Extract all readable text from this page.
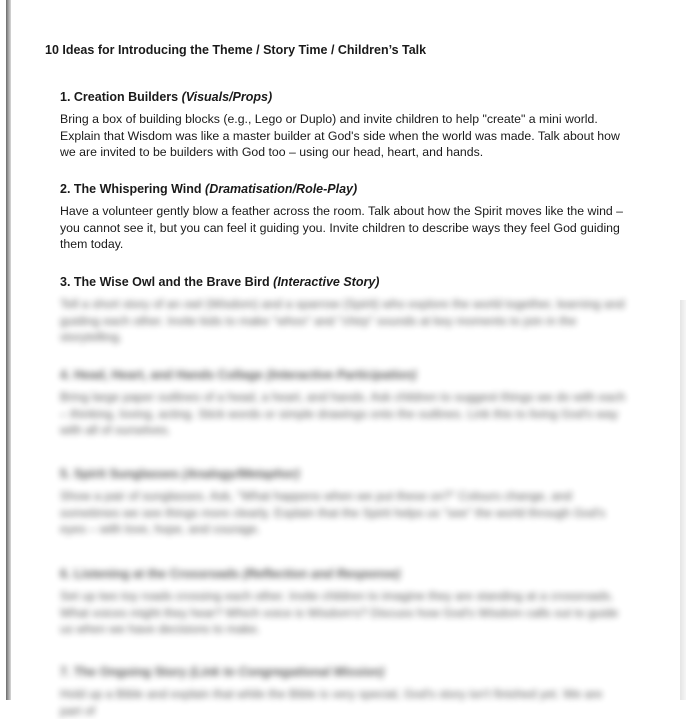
10 Ideas for Introducing the Theme / Story Time / Children’s Talk
1. Creation Builders (Visuals/Props)

Bring a box of building blocks (e.g., Lego or Duplo) and invite children to help "create" a mini world. Explain that Wisdom was like a master builder at God's side when the world was made. Talk about how we are invited to be builders with God too – using our head, heart, and hands.

2. The Whispering Wind (Dramatisation/Role-Play)

Have a volunteer gently blow a feather across the room. Talk about how the Spirit moves like the wind – you cannot see it, but you can feel it guiding you. Invite children to describe ways they feel God guiding them today.

3. The Wise Owl and the Brave Bird (Interactive Story)

Tell a short story of an owl (Wisdom) and a sparrow (Spirit) who explore the world together, learning and guiding each other. Invite kids to make "whoo" and "chirp" sounds at key moments to join in the storytelling.

4. Head, Heart, and Hands Collage (Interactive Participation)

Bring large paper outlines of a head, a heart, and hands. Ask children to suggest things we do with each – thinking, loving, acting. Stick words or simple drawings onto the outlines. Link this to living God's way with all of ourselves.

5. Spirit Sunglasses (Analogy/Metaphor)

Show a pair of sunglasses. Ask, "What happens when we put these on?" Colours change, and sometimes we see things more clearly. Explain that the Spirit helps us "see" the world through God's eyes – with love, hope, and courage.

6. Listening at the Crossroads (Reflection and Response)

Set up two toy roads crossing each other. Invite children to imagine they are standing at a crossroads. What voices might they hear? Which voice is Wisdom's? Discuss how God's Wisdom calls out to guide us when we have decisions to make.

7. The Ongoing Story (Link to Congregational Mission)

Hold up a Bible and explain that while the Bible is very special, God's story isn't finished yet. We are part of
